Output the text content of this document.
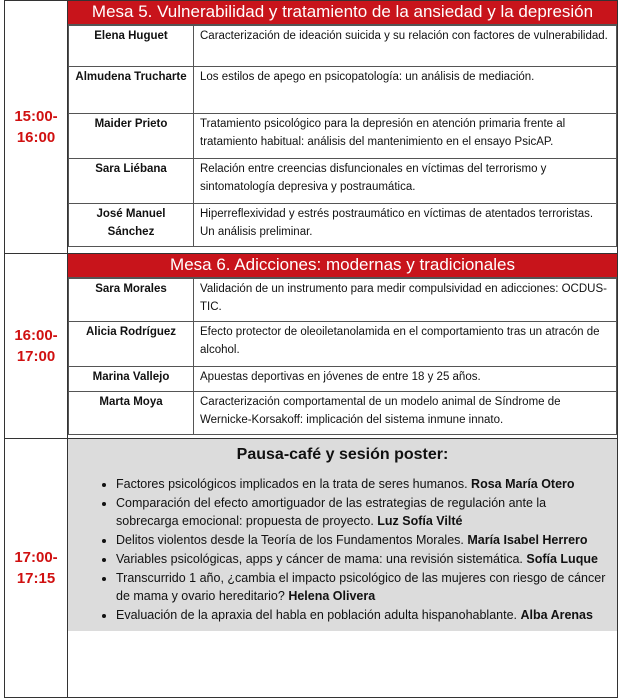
15:00-
16:00

Mesa 5. Vulnerabilidad y tratamiento de la ansiedad y la depresión
Elena Huguet	Caracterización de ideación suicida y su relación con factores de vulnerabilidad.
Almudena Trucharte	Los estilos de apego en psicopatología: un análisis de mediación.
Maider Prieto	Tratamiento psicológico para la depresión en atención primaria frente al tratamiento habitual: análisis del mantenimiento en el ensayo PsicAP.
Sara Liébana	Relación entre creencias disfuncionales en víctimas del terrorismo y sintomatología depresiva y postraumática.
José Manuel Sánchez	Hiperreflexividad y estrés postraumático en víctimas de atentados terroristas. Un análisis preliminar.

16:00-
17:00

Mesa 6. Adicciones: modernas y tradicionales
Sara Morales	Validación de un instrumento para medir compulsividad en adicciones: OCDUS-TIC.
Alicia Rodríguez	Efecto protector de oleoiletanolamida en el comportamiento tras un atracón de alcohol.
Marina Vallejo	Apuestas deportivas en jóvenes de entre 18 y 25 años.
Marta Moya	Caracterización comportamental de un modelo animal de Síndrome de Wernicke-Korsakoff: implicación del sistema inmune innato.

17:00-
17:15

Pausa-café y sesión poster:
• Factores psicológicos implicados en la trata de seres humanos. Rosa María Otero
• Comparación del efecto amortiguador de las estrategias de regulación ante la sobrecarga emocional: propuesta de proyecto. Luz Sofía Vilté
• Delitos violentos desde la Teoría de los Fundamentos Morales. María Isabel Herrero
• Variables psicológicas, apps y cáncer de mama: una revisión sistemática. Sofía Luque
• Transcurrido 1 año, ¿cambia el impacto psicológico de las mujeres con riesgo de cáncer de mama y ovario hereditario? Helena Olivera
• Evaluación de la apraxia del habla en población adulta hispanohablante. Alba Arenas
